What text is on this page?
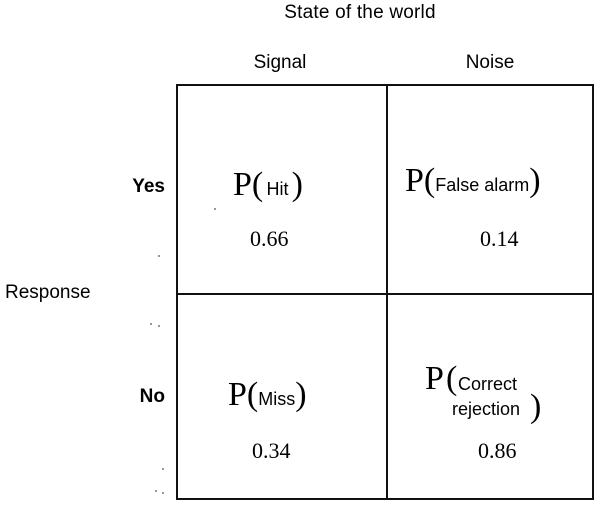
State of the world
Signal	Noise
Response
Yes
No
P(  Hit )
0.66
P(False alarm)
0.14
P(Miss)
0.34
P ( Correct
rejection )
0.86
